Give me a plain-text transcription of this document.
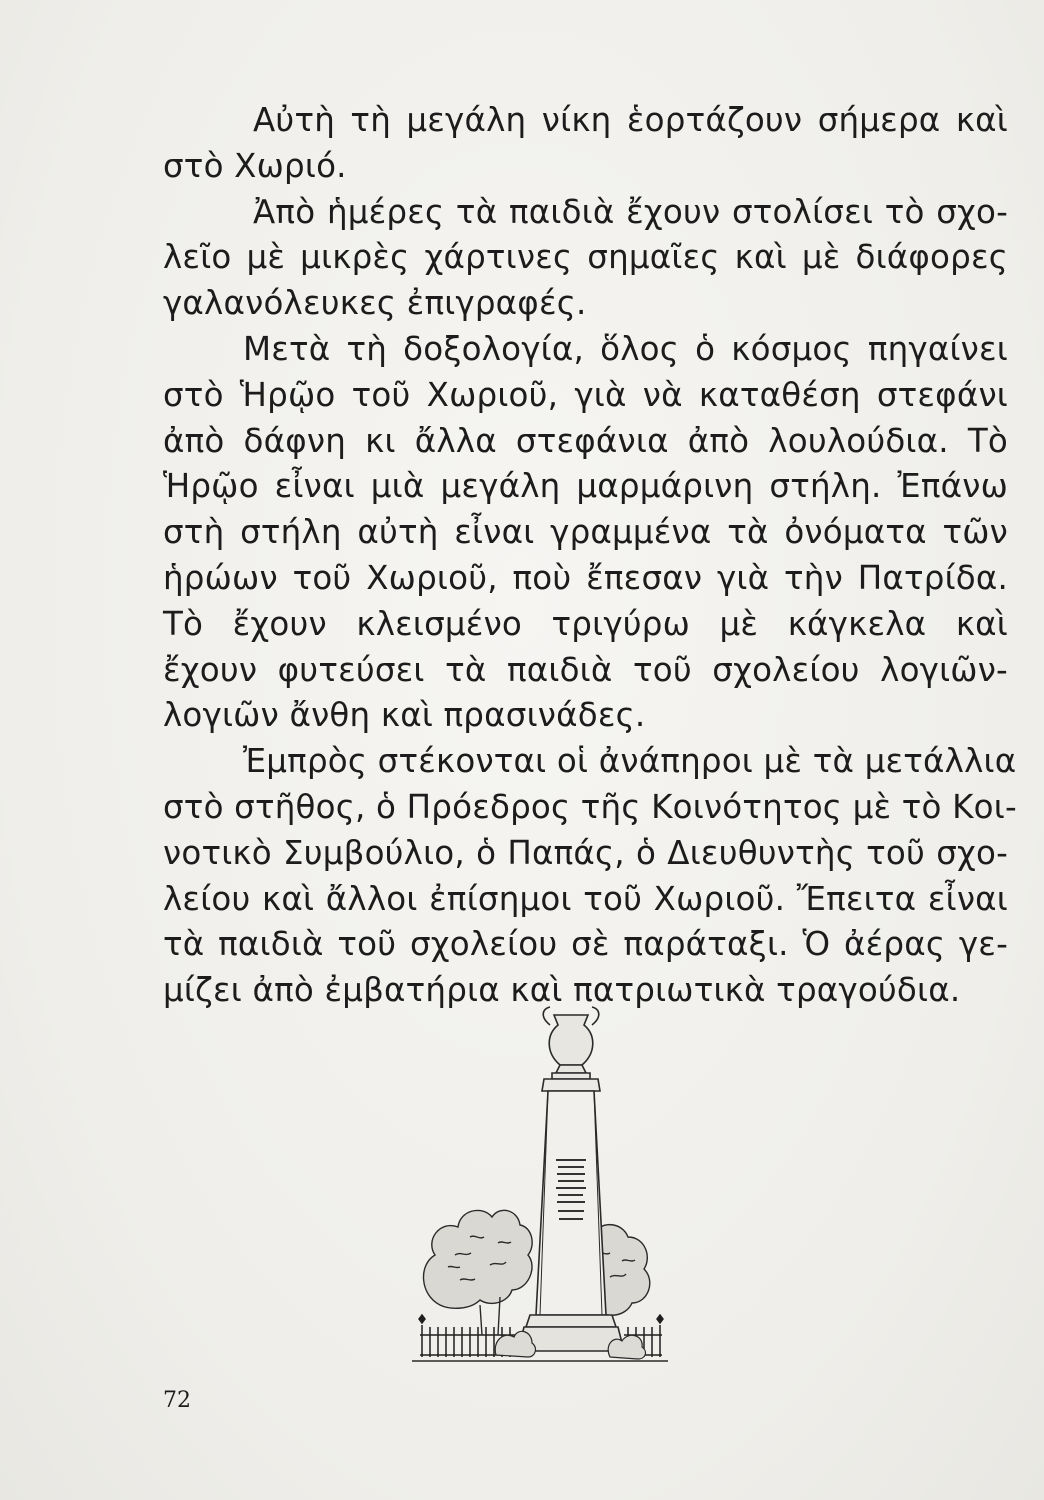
Αὐτὴ τὴ μεγάλη νίκη ἑορτάζουν σήμερα καὶ
στὸ Χωριό.
Ἀπὸ ἡμέρες τὰ παιδιὰ ἔχουν στολίσει τὸ σχο-
λεῖο μὲ μικρὲς χάρτινες σημαῖες καὶ μὲ διάφορες
γαλανόλευκες ἐπιγραφές.
Μετὰ τὴ δοξολογία, ὅλος ὁ κόσμος πηγαίνει
στὸ Ἡρῷο τοῦ Χωριοῦ, γιὰ νὰ καταθέση στεφάνι
ἀπὸ δάφνη κι ἄλλα στεφάνια ἀπὸ λουλούδια. Τὸ
Ἡρῷο εἶναι μιὰ μεγάλη μαρμάρινη στήλη. Ἐπάνω
στὴ στήλη αὐτὴ εἶναι γραμμένα τὰ ὀνόματα τῶν
ἡρώων τοῦ Χωριοῦ, ποὺ ἔπεσαν γιὰ τὴν Πατρίδα.
Τὸ ἔχουν κλεισμένο τριγύρω μὲ κάγκελα καὶ
ἔχουν φυτεύσει τὰ παιδιὰ τοῦ σχολείου λογιῶν-
λογιῶν ἄνθη καὶ πρασινάδες.
Ἐμπρὸς στέκονται οἱ ἀνάπηροι μὲ τὰ μετάλλια
στὸ στῆθος, ὁ Πρόεδρος τῆς Κοινότητος μὲ τὸ Κοι-
νοτικὸ Συμβούλιο, ὁ Παπάς, ὁ Διευθυντὴς τοῦ σχο-
λείου καὶ ἄλλοι ἐπίσημοι τοῦ Χωριοῦ. Ἔπειτα εἶναι
τὰ παιδιὰ τοῦ σχολείου σὲ παράταξι. Ὁ ἀέρας γε-
μίζει ἀπὸ ἐμβατήρια καὶ πατριωτικὰ τραγούδια.
72
